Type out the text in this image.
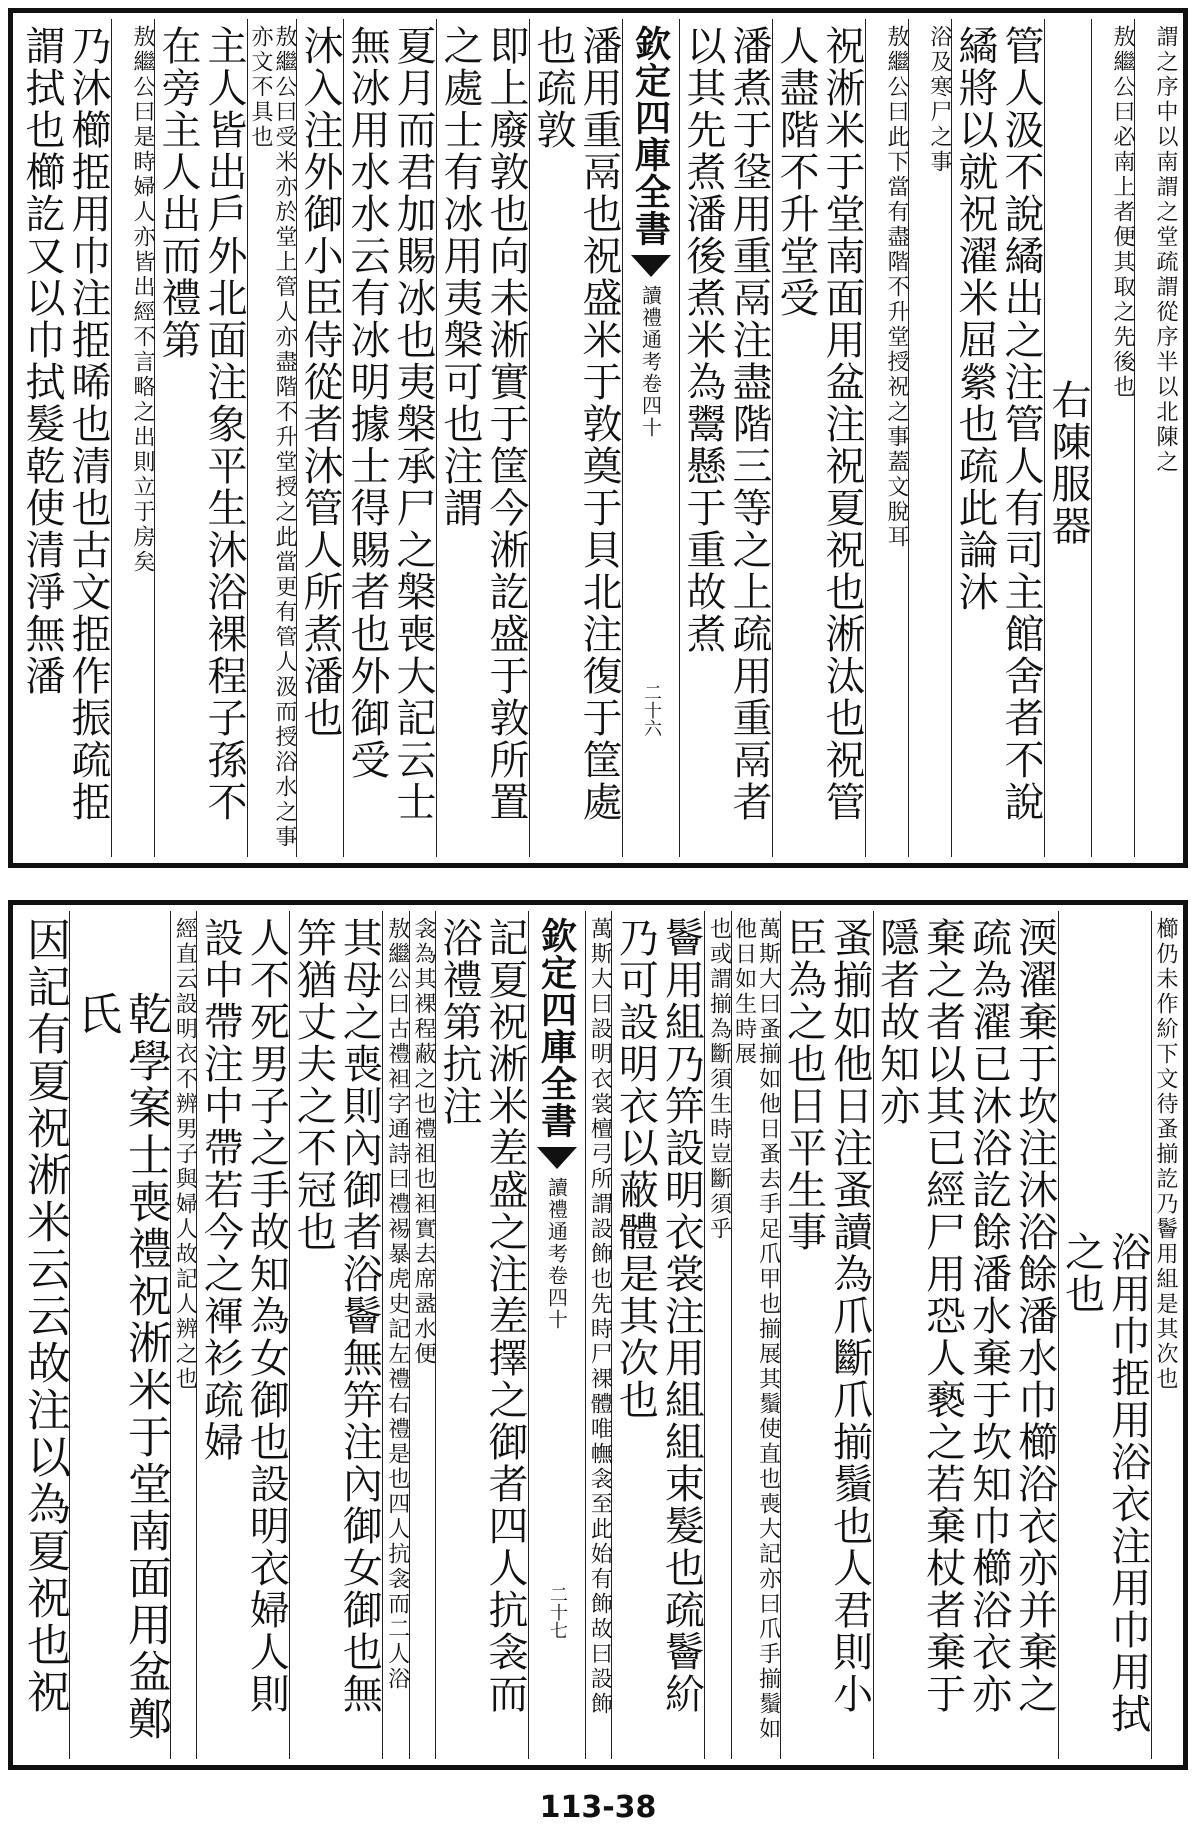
謂之序中以南謂之堂疏謂從序半以北陳之
敖繼公曰必南上者便其取之先後也
右陳服器
管人汲不說繘出之注管人有司主館舍者不說繘將以就祝濯米屈縈也疏此論沐
浴及寒尸之事
敖繼公曰此下當有盡階不升堂授祝之事蓋文脫耳
祝淅米于堂南面用盆注祝夏祝也淅汰也祝管人盡階不升堂受
潘煮于垼用重鬲注盡階三等之上疏用重鬲者以其先煮潘後煮米為鬻懸于重故煮
欽定四庫全書
讀禮通考
卷四十
二十六
潘用重鬲也祝盛米于敦奠于貝北注復于筐處也疏敦
即上廢敦也向未淅實于筐今淅訖盛于敦所置之處士有冰用夷槃可也注謂
夏月而君加賜冰也夷槃承尸之槃喪大記云士無冰用水水云有冰明據士得賜者也外御受
沐入注外御小臣侍從者沐管人所煮潘也
敖繼公曰受米亦於堂上管人亦盡階不升堂授之此當更有管人汲而授浴水之事亦文不具也
主人皆出戶外北面注象平生沐浴裸程子孫不在旁主人出而禮第
敖繼公曰是時婦人亦皆出經不言略之出則立于房矣
乃沐櫛挋用巾注挋晞也清也古文挋作振疏挋謂拭也櫛訖又以巾拭髮乾使清淨無潘
櫛仍未作紒下文待蚤揃訖乃鬠用組是其次也
浴用巾挋用浴衣注用巾用拭之也
渜濯棄于坎注沐浴餘潘水巾櫛浴衣亦并棄之疏為濯已沐浴訖餘潘水棄于坎知巾櫛浴衣亦棄之者以其已經尸用恐人褻之若棄杖者棄于隱者故知亦
蚤揃如他日注蚤讀為爪斷爪揃鬚也人君則小臣為之也日平生事
萬斯大曰蚤揃如他日蚤去手足爪甲也揃展其鬚使直也喪大記亦曰爪手揃鬚如他日如生時展
也或謂揃為斷須生時豈斷須乎
鬠用組乃笄設明衣裳注用組組束髮也疏鬠紒乃可設明衣以蔽體是其次也
萬斯大曰設明衣裳檀弓所謂設飾也先時尸裸體唯幠衾至此始有飾故曰設飾
欽定四庫全書
讀禮通考
卷四十
二十七
記夏祝淅米差盛之注差擇之御者四人抗衾而浴禮第抗注
衾為其裸程蔽之也禮祖也袒實去席盝水便
敖繼公曰古禮袒字通詩曰禮裼暴虎史記左禮右禮是也四人抗衾而二人浴
其母之喪則內御者浴鬠無笄注內御女御也無笄猶丈夫之不冠也
人不死男子之手故知為女御也設明衣婦人則設中帶注中帶若今之褌衫疏婦
經直云設明衣不辨男子與婦人故記人辨之也
乾學案士喪禮祝淅米于堂南面用盆鄭氏
因記有夏祝淅米云云故注以為夏祝也祝
113-38
